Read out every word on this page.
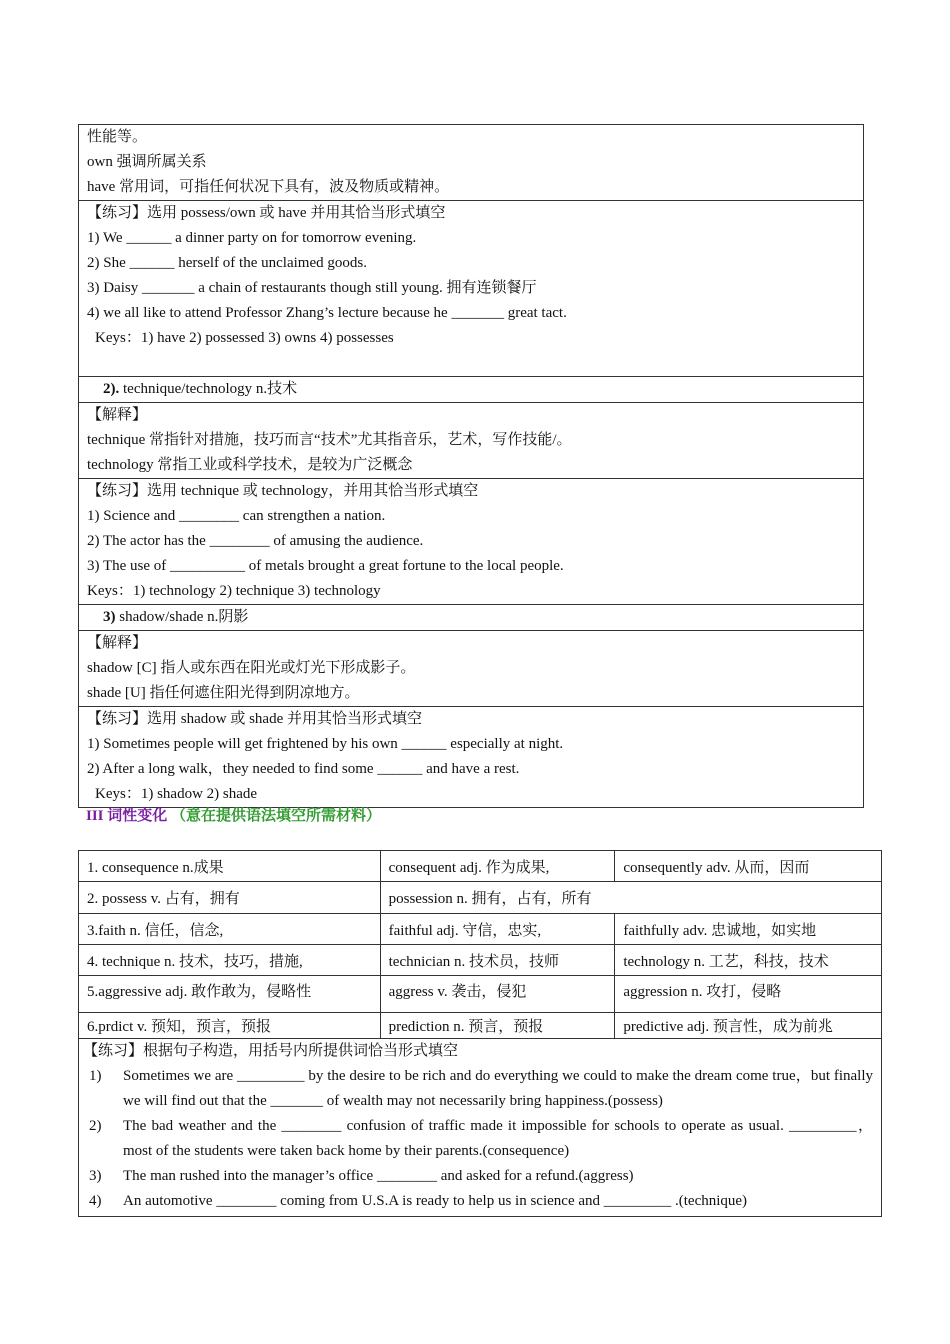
性能等。
own 强调所属关系
have 常用词，可指任何状况下具有，波及物质或精神。
【练习】选用 possess/own 或 have 并用其恰当形式填空
1) We ______ a dinner party on for tomorrow evening.
2) She ______ herself of the unclaimed goods.
3) Daisy _______ a chain of restaurants though still young. 拥有连锁餐厅
4) we all like to attend Professor Zhang’s lecture because he _______ great tact.
Keys：1) have 2) possessed 3) owns 4) possesses
2). technique/technology n.技术
【解释】
technique 常指针对措施，技巧而言“技术”尤其指音乐，艺术，写作技能/。
technology 常指工业或科学技术，是较为广泛概念
【练习】选用 technique 或 technology，并用其恰当形式填空
1) Science and ________ can strengthen a nation.
2) The actor has the ________ of amusing the audience.
3) The use of __________ of metals brought a great fortune to the local people.
Keys：1) technology 2) technique 3) technology
3) shadow/shade n.阴影
【解释】
shadow [C] 指人或东西在阳光或灯光下形成影子。
shade [U] 指任何遮住阳光得到阴凉地方。
【练习】选用 shadow 或 shade 并用其恰当形式填空
1) Sometimes people will get frightened by his own ______ especially at night.
2) After a long walk，they needed to find some ______ and have a rest.
Keys：1) shadow 2) shade
III 词性变化 （意在提供语法填空所需材料）
1. consequence n.成果	consequent adj. 作为成果,	consequently adv. 从而，因而
2. possess v. 占有，拥有	possession n. 拥有，占有，所有
3.faith n. 信任，信念,	faithful adj. 守信，忠实,	faithfully adv. 忠诚地，如实地
4. technique n. 技术，技巧，措施,	technician n. 技术员，技师	technology n. 工艺，科技，技术
5.aggressive adj. 敢作敢为，侵略性	aggress v. 袭击，侵犯	aggression n. 攻打，侵略
6.prdict v. 预知，预言，预报	prediction n. 预言，预报	predictive adj. 预言性，成为前兆
【练习】根据句子构造，用括号内所提供词恰当形式填空
1)	Sometimes we are _________ by the desire to be rich and do everything we could to make the dream come true，but finally we will find out that the _______ of wealth may not necessarily bring happiness.(possess)
2)	The bad weather and the ________ confusion of traffic made it impossible for schools to operate as usual. _________，most of the students were taken back home by their parents.(consequence)
3)	The man rushed into the manager’s office ________ and asked for a refund.(aggress)
4)	An automotive ________ coming from U.S.A is ready to help us in science and _________ .(technique)
